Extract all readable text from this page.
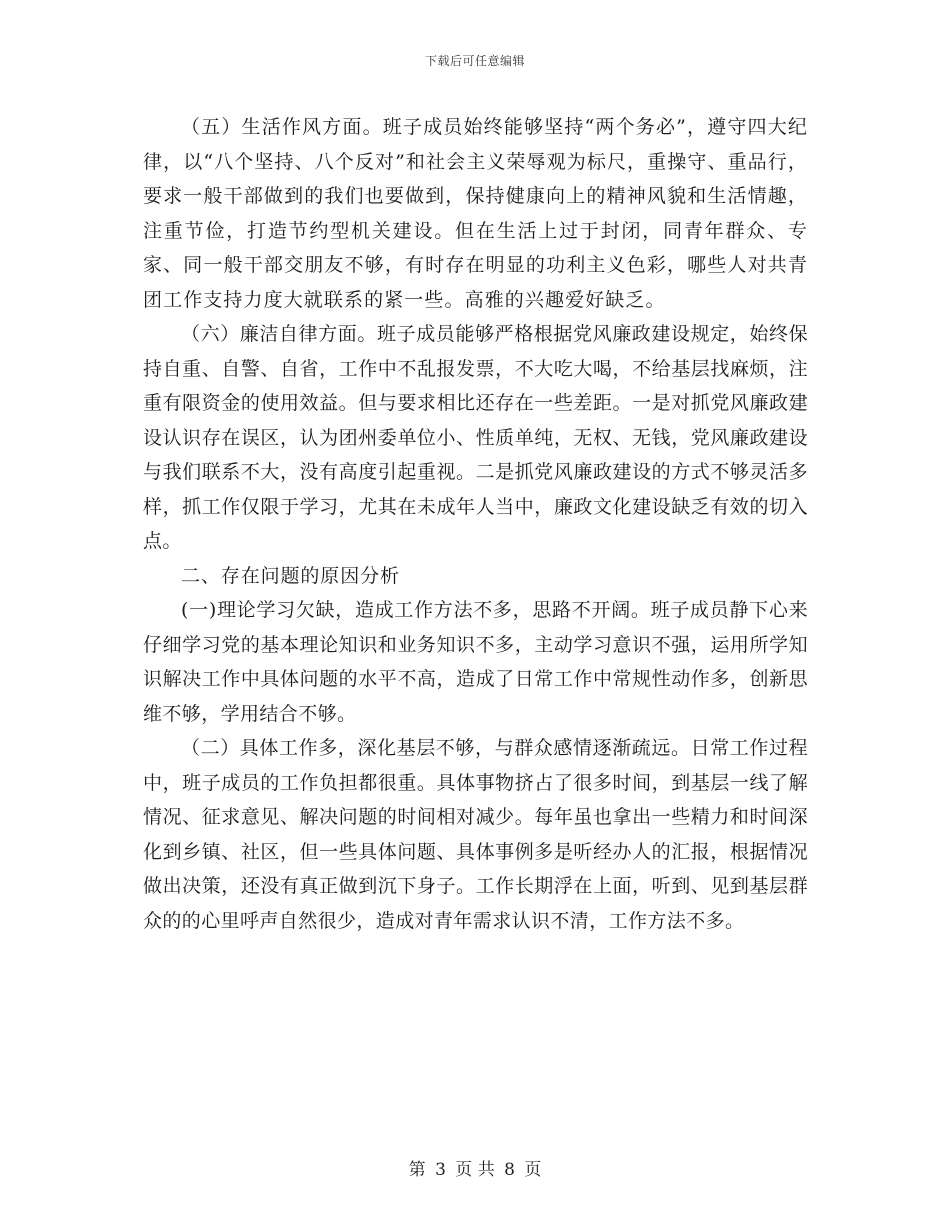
下载后可任意编辑

（五）生活作风方面。班子成员始终能够坚持“两个务必”，遵守四大纪律，以“八个坚持、八个反对”和社会主义荣辱观为标尺，重操守、重品行，要求一般干部做到的我们也要做到，保持健康向上的精神风貌和生活情趣，注重节俭，打造节约型机关建设。但在生活上过于封闭，同青年群众、专家、同一般干部交朋友不够，有时存在明显的功利主义色彩，哪些人对共青团工作支持力度大就联系的紧一些。高雅的兴趣爱好缺乏。

（六）廉洁自律方面。班子成员能够严格根据党风廉政建设规定，始终保持自重、自警、自省，工作中不乱报发票，不大吃大喝，不给基层找麻烦，注重有限资金的使用效益。但与要求相比还存在一些差距。一是对抓党风廉政建设认识存在误区，认为团州委单位小、性质单纯，无权、无钱，党风廉政建设与我们联系不大，没有高度引起重视。二是抓党风廉政建设的方式不够灵活多样，抓工作仅限于学习，尤其在未成年人当中，廉政文化建设缺乏有效的切入点。

二、存在问题的原因分析

(一)理论学习欠缺，造成工作方法不多，思路不开阔。班子成员静下心来仔细学习党的基本理论知识和业务知识不多，主动学习意识不强，运用所学知识解决工作中具体问题的水平不高，造成了日常工作中常规性动作多，创新思维不够，学用结合不够。

（二）具体工作多，深化基层不够，与群众感情逐渐疏远。日常工作过程中，班子成员的工作负担都很重。具体事物挤占了很多时间，到基层一线了解情况、征求意见、解决问题的时间相对减少。每年虽也拿出一些精力和时间深化到乡镇、社区，但一些具体问题、具体事例多是听经办人的汇报，根据情况做出决策，还没有真正做到沉下身子。工作长期浮在上面，听到、见到基层群众的的心里呼声自然很少，造成对青年需求认识不清，工作方法不多。

第 3 页 共 8 页
